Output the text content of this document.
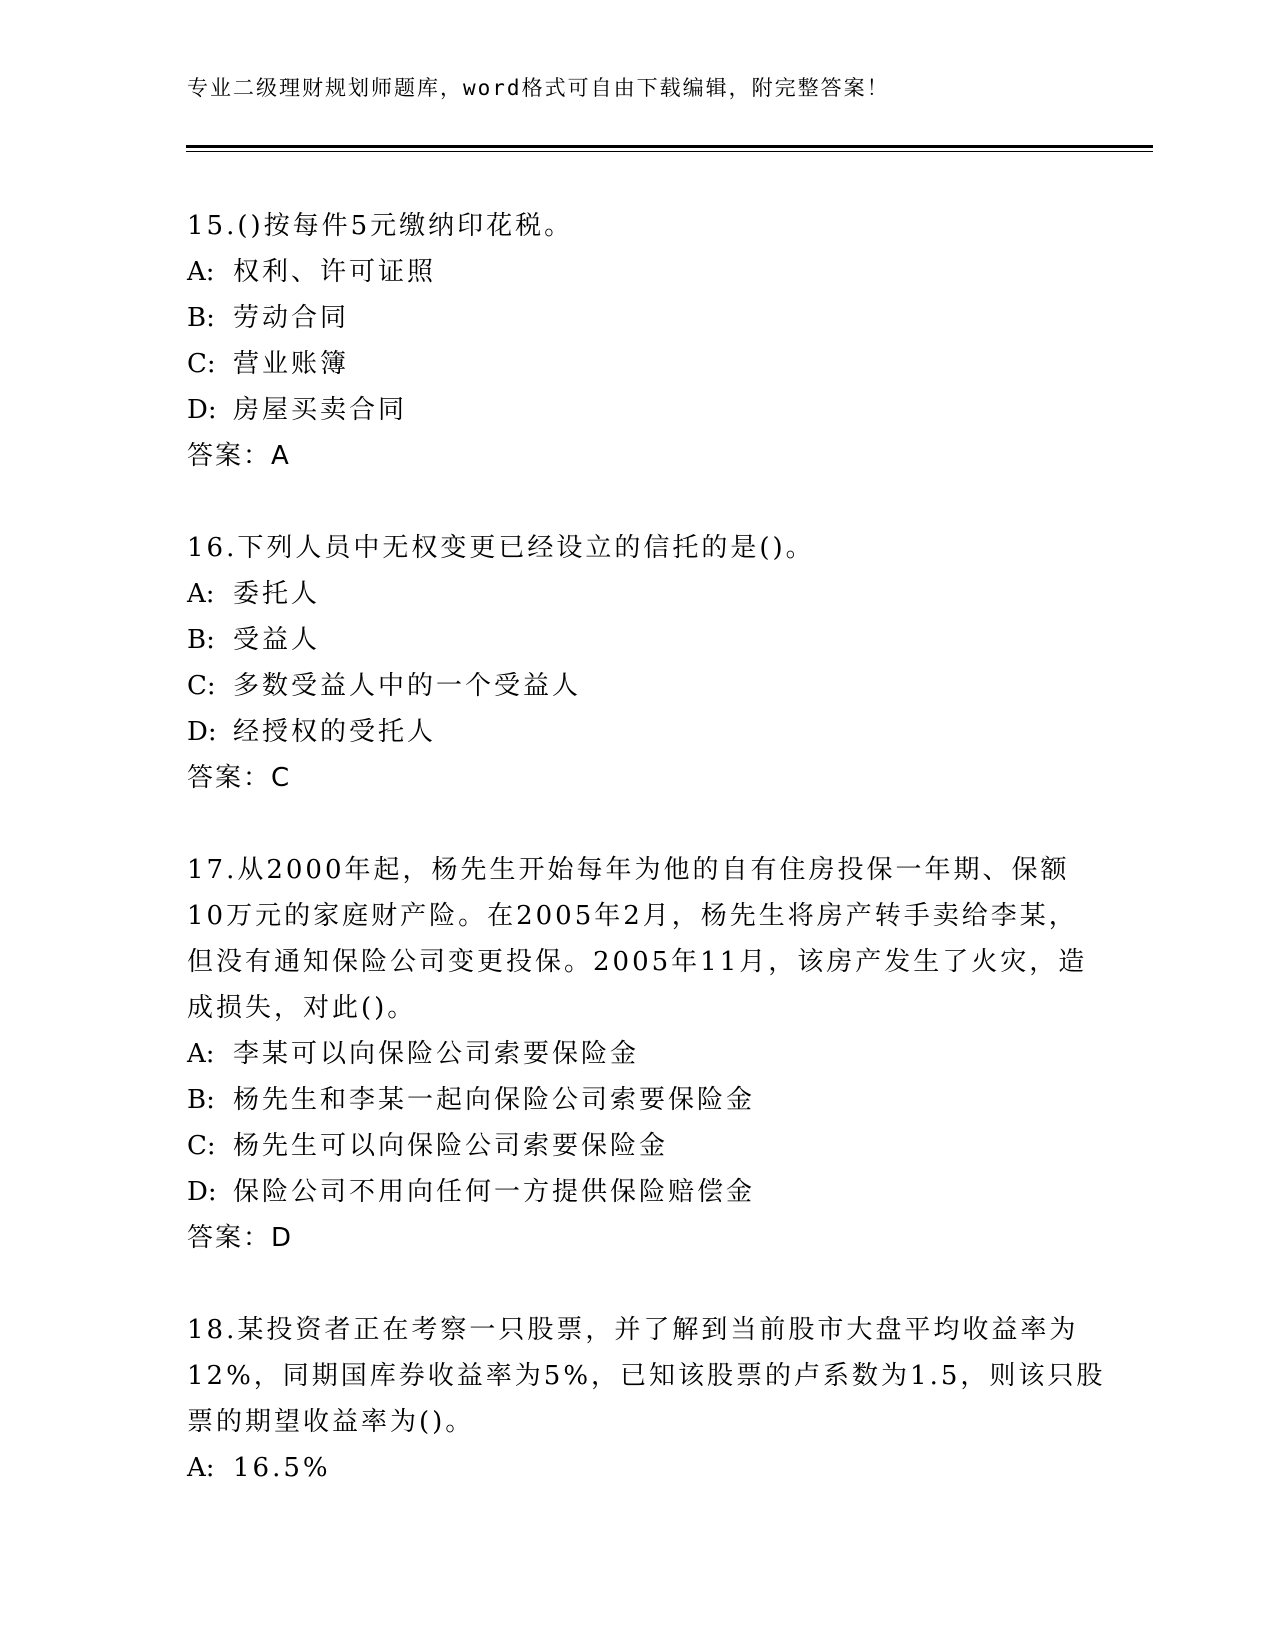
专业二级理财规划师题库，word格式可自由下载编辑，附完整答案！
15.()按每件5元缴纳印花税。
A: 权利、许可证照
B: 劳动合同
C: 营业账簿
D: 房屋买卖合同
答案：A
16.下列人员中无权变更已经设立的信托的是()。
A: 委托人
B: 受益人
C: 多数受益人中的一个受益人
D: 经授权的受托人
答案：C
17.从2000年起，杨先生开始每年为他的自有住房投保一年期、保额
10万元的家庭财产险。在2005年2月，杨先生将房产转手卖给李某，
但没有通知保险公司变更投保。2005年11月，该房产发生了火灾，造
成损失，对此()。
A: 李某可以向保险公司索要保险金
B: 杨先生和李某一起向保险公司索要保险金
C: 杨先生可以向保险公司索要保险金
D: 保险公司不用向任何一方提供保险赔偿金
答案：D
18.某投资者正在考察一只股票，并了解到当前股市大盘平均收益率为
12%，同期国库券收益率为5%，已知该股票的卢系数为1.5，则该只股
票的期望收益率为()。
A: 16.5%
